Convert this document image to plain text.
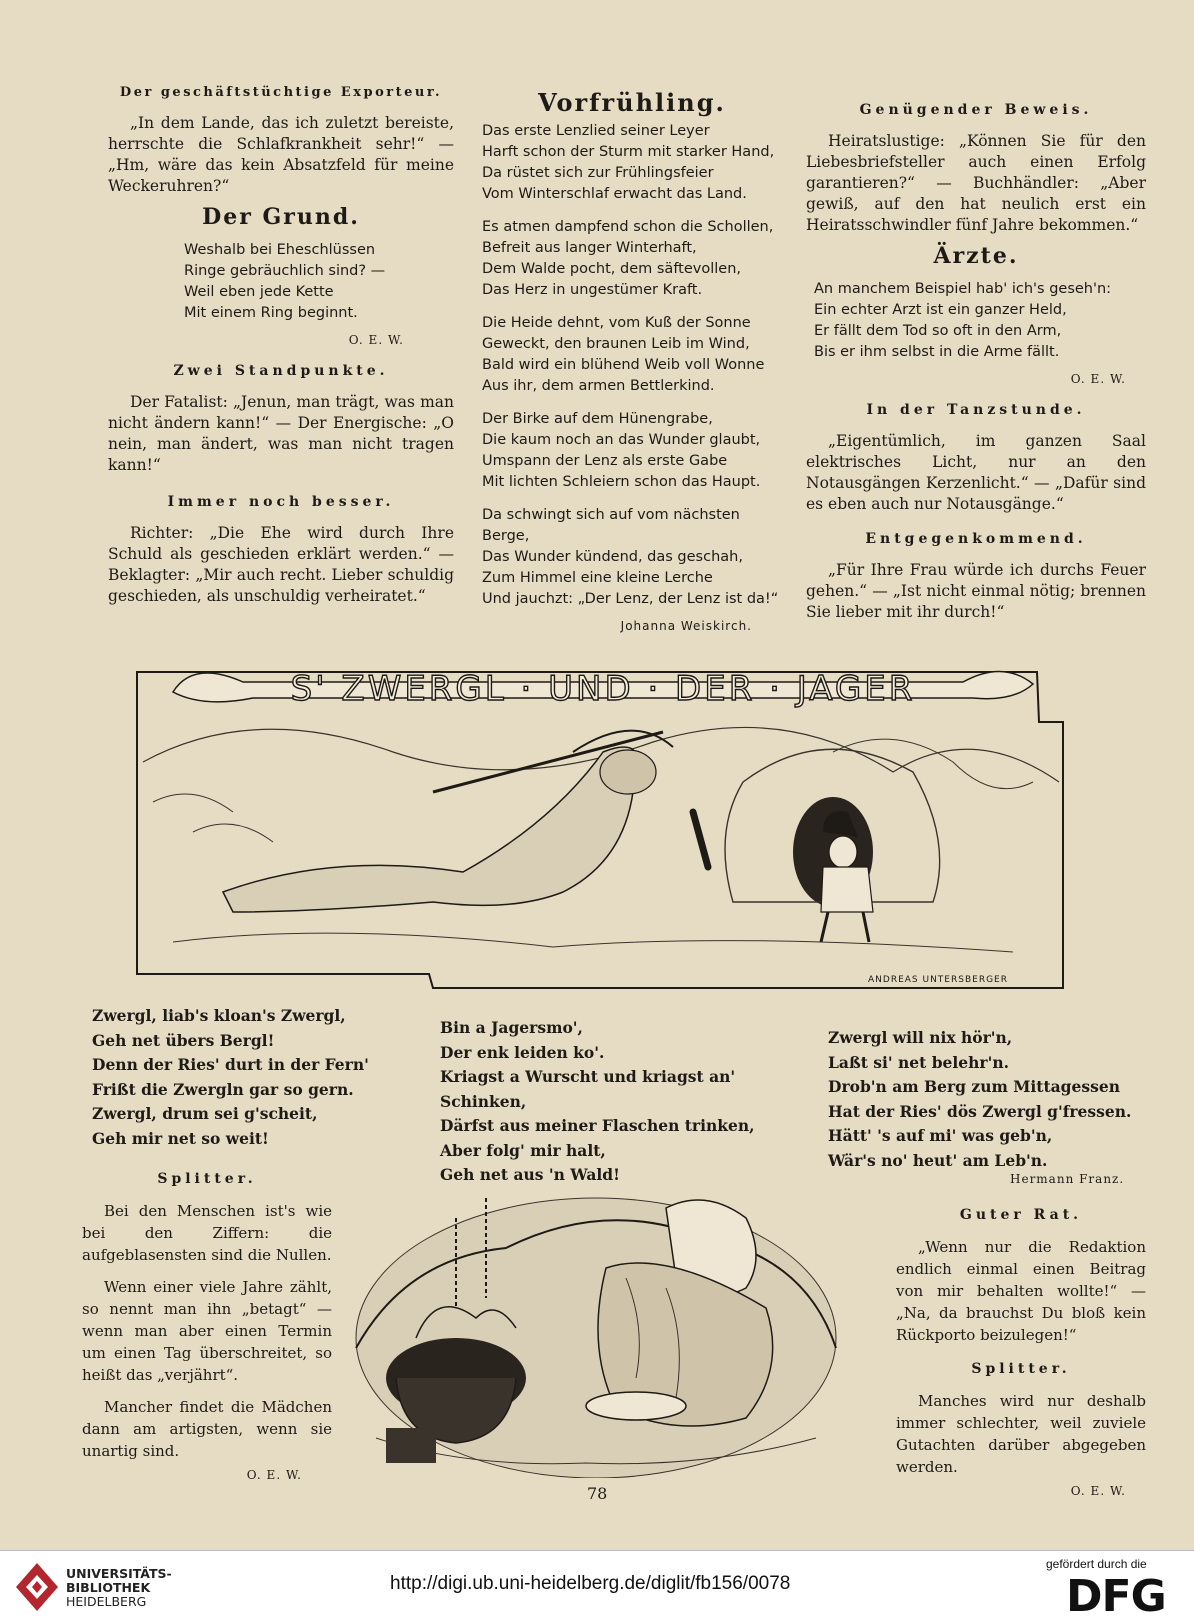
Der geschäftstüchtige Exporteur.

„In dem Lande, das ich zuletzt bereiste, herrschte die Schlafkrankheit sehr!“ — „Hm, wäre das kein Absatzfeld für meine Weckeruhren?“

Der Grund.

Weshalb bei Eheschlüssen
Ringe gebräuchlich sind? —
Weil eben jede Kette
Mit einem Ring beginnt.

O. E. W.
Zwei Standpunkte.

Der Fatalist: „Jenun, man trägt, was man nicht ändern kann!“ — Der Energische: „O nein, man ändert, was man nicht tragen kann!“

Immer noch besser.

Richter: „Die Ehe wird durch Ihre Schuld als geschieden erklärt werden.“ — Beklagter: „Mir auch recht. Lieber schuldig geschieden, als unschuldig verheiratet.“

Vorfrühling.

Das erste Lenzlied seiner Leyer
Harft schon der Sturm mit starker Hand,
Da rüstet sich zur Frühlingsfeier
Vom Winterschlaf erwacht das Land.

Es atmen dampfend schon die Schollen,
Befreit aus langer Winterhaft,
Dem Walde pocht, dem säftevollen,
Das Herz in ungestümer Kraft.

Die Heide dehnt, vom Kuß der Sonne
Geweckt, den braunen Leib im Wind,
Bald wird ein blühend Weib voll Wonne
Aus ihr, dem armen Bettlerkind.

Der Birke auf dem Hünengrabe,
Die kaum noch an das Wunder glaubt,
Umspann der Lenz als erste Gabe
Mit lichten Schleiern schon das Haupt.

Da schwingt sich auf vom nächsten Berge,
Das Wunder kündend, das geschah,
Zum Himmel eine kleine Lerche
Und jauchzt: „Der Lenz, der Lenz ist da!“

Johanna Weiskirch.
Genügender Beweis.

Heiratslustige: „Können Sie für den Liebesbriefsteller auch einen Erfolg garantieren?“ — Buchhändler: „Aber gewiß, auf den hat neulich erst ein Heiratsschwindler fünf Jahre bekommen.“

Ärzte.

An manchem Beispiel hab' ich's geseh'n:
Ein echter Arzt ist ein ganzer Held,
Er fällt dem Tod so oft in den Arm,
Bis er ihm selbst in die Arme fällt.

O. E. W.
In der Tanzstunde.

„Eigentümlich, im ganzen Saal elektrisches Licht, nur an den Notausgängen Kerzenlicht.“ — „Dafür sind es eben auch nur Notausgänge.“

Entgegenkommend.

„Für Ihre Frau würde ich durchs Feuer gehen.“ — „Ist nicht einmal nötig; brennen Sie lieber mit ihr durch!“

S' ZWERGL · UND · DER · JAGER
ANDREAS UNTERSBERGER
Zwergl, liab's kloan's Zwergl,
Geh net übers Bergl!
Denn der Ries' durt in der Fern'
Frißt die Zwergln gar so gern.
Zwergl, drum sei g'scheit,
Geh mir net so weit!
Bin a Jagersmo',
Der enk leiden ko'.
Kriagst a Wurscht und kriagst an' Schinken,
Därfst aus meiner Flaschen trinken,
Aber folg' mir halt,
Geh net aus 'n Wald!
Zwergl will nix hör'n,
Laßt si' net belehr'n.
Drob'n am Berg zum Mittagessen
Hat der Ries' dös Zwergl g'fressen.
Hätt' 's auf mi' was geb'n,
Wär's no' heut' am Leb'n.
Hermann Franz.
Splitter.

Bei den Menschen ist's wie bei den Ziffern: die aufgeblasensten sind die Nullen.

Wenn einer viele Jahre zählt, so nennt man ihn „betagt“ — wenn man aber einen Termin um einen Tag überschreitet, so heißt das „verjährt“.

Mancher findet die Mädchen dann am artigsten, wenn sie unartig sind.

O. E. W.
Guter Rat.

„Wenn nur die Redaktion endlich einmal einen Beitrag von mir behalten wollte!“ — „Na, da brauchst Du bloß kein Rückporto beizulegen!“

Splitter.

Manches wird nur deshalb immer schlechter, weil zuviele Gutachten darüber abgegeben werden.

O. E. W.
78
UNIVERSITÄTS-
BIBLIOTHEK
HEIDELBERG
http://digi.ub.uni-heidelberg.de/diglit/fb156/0078
gefördert durch die
DFG
